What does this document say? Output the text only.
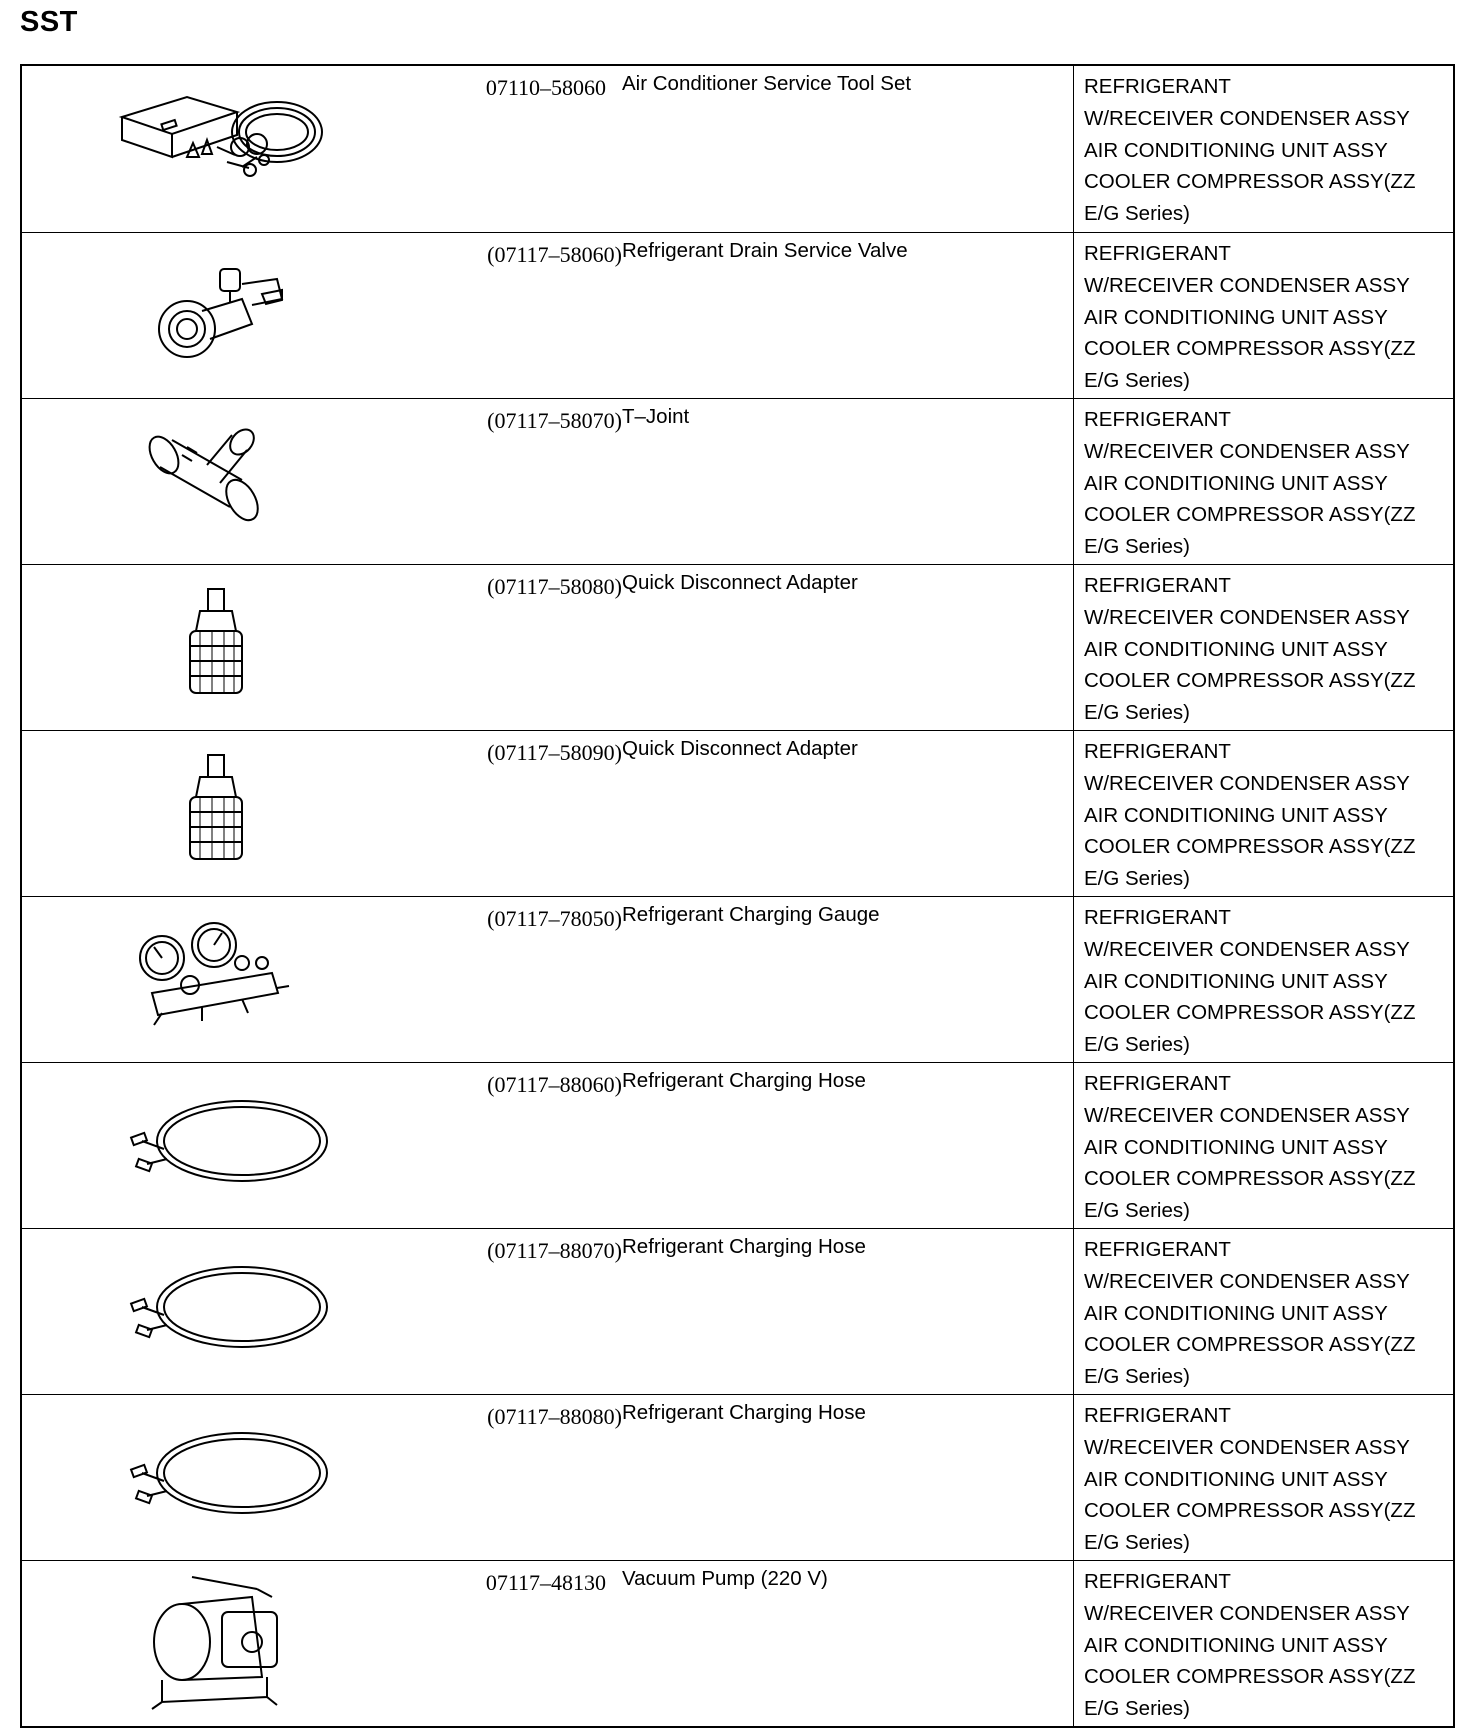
SST
07110–58060 Air Conditioner Service Tool Set	REFRIGERANT
W/RECEIVER CONDENSER ASSY
AIR CONDITIONING UNIT ASSY
COOLER COMPRESSOR ASSY(ZZ
E/G Series)
(07117–58060) Refrigerant Drain Service Valve	REFRIGERANT
W/RECEIVER CONDENSER ASSY
AIR CONDITIONING UNIT ASSY
COOLER COMPRESSOR ASSY(ZZ
E/G Series)
(07117–58070) T–Joint	REFRIGERANT
W/RECEIVER CONDENSER ASSY
AIR CONDITIONING UNIT ASSY
COOLER COMPRESSOR ASSY(ZZ
E/G Series)
(07117–58080) Quick Disconnect Adapter	REFRIGERANT
W/RECEIVER CONDENSER ASSY
AIR CONDITIONING UNIT ASSY
COOLER COMPRESSOR ASSY(ZZ
E/G Series)
(07117–58090) Quick Disconnect Adapter	REFRIGERANT
W/RECEIVER CONDENSER ASSY
AIR CONDITIONING UNIT ASSY
COOLER COMPRESSOR ASSY(ZZ
E/G Series)
(07117–78050) Refrigerant Charging Gauge	REFRIGERANT
W/RECEIVER CONDENSER ASSY
AIR CONDITIONING UNIT ASSY
COOLER COMPRESSOR ASSY(ZZ
E/G Series)
(07117–88060) Refrigerant Charging Hose	REFRIGERANT
W/RECEIVER CONDENSER ASSY
AIR CONDITIONING UNIT ASSY
COOLER COMPRESSOR ASSY(ZZ
E/G Series)
(07117–88070) Refrigerant Charging Hose	REFRIGERANT
W/RECEIVER CONDENSER ASSY
AIR CONDITIONING UNIT ASSY
COOLER COMPRESSOR ASSY(ZZ
E/G Series)
(07117–88080) Refrigerant Charging Hose	REFRIGERANT
W/RECEIVER CONDENSER ASSY
AIR CONDITIONING UNIT ASSY
COOLER COMPRESSOR ASSY(ZZ
E/G Series)
07117–48130 Vacuum Pump (220 V)	REFRIGERANT
W/RECEIVER CONDENSER ASSY
AIR CONDITIONING UNIT ASSY
COOLER COMPRESSOR ASSY(ZZ
E/G Series)
